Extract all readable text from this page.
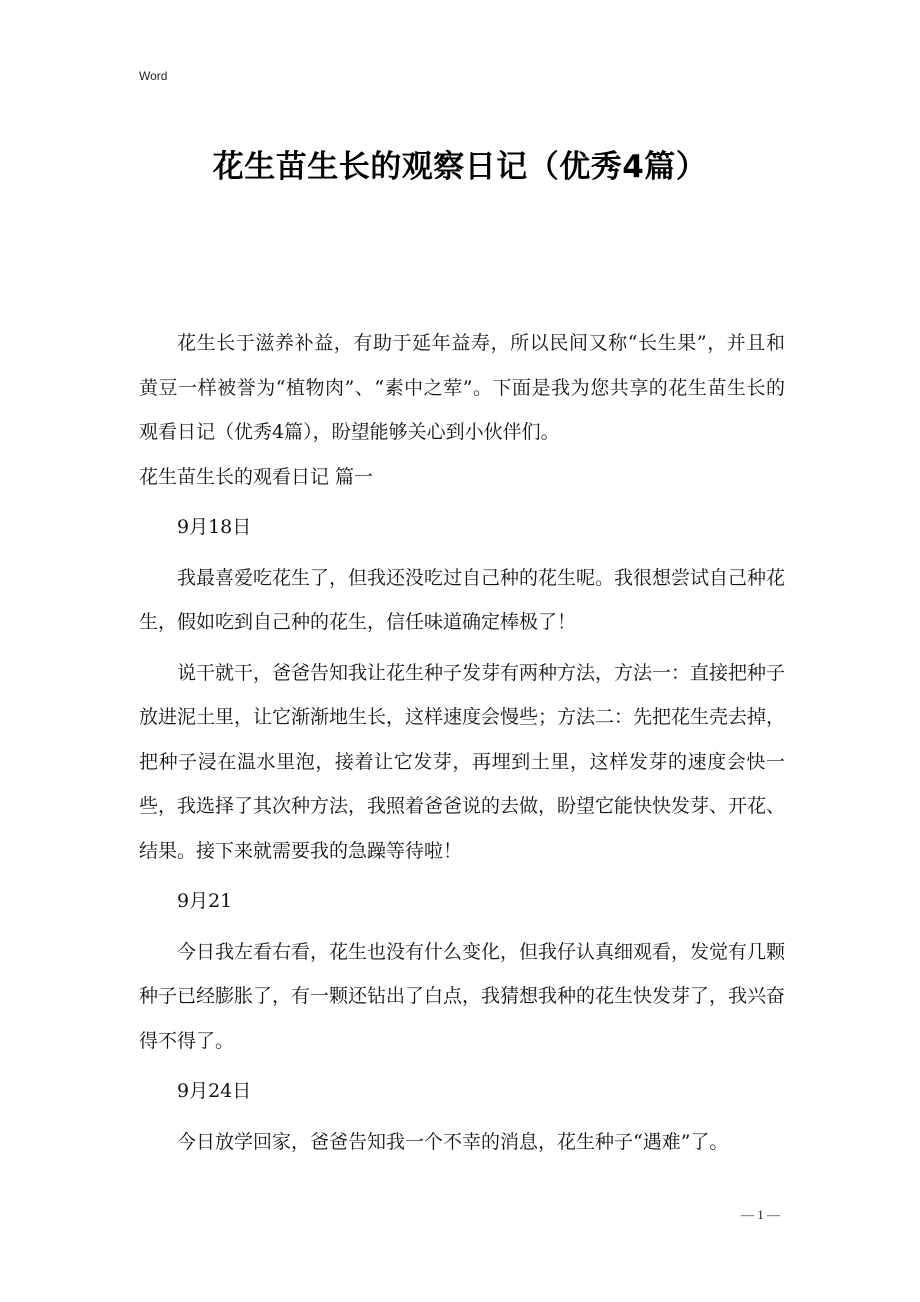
Word
花生苗生长的观察日记（优秀4篇）

花生长于滋养补益，有助于延年益寿，所以民间又称“长生果”，并且和黄豆一样被誉为“植物肉”、“素中之荤”。下面是我为您共享的花生苗生长的观看日记（优秀4篇），盼望能够关心到小伙伴们。

花生苗生长的观看日记 篇一

9月18日

我最喜爱吃花生了，但我还没吃过自己种的花生呢。我很想尝试自己种花生，假如吃到自己种的花生，信任味道确定棒极了！

说干就干，爸爸告知我让花生种子发芽有两种方法，方法一：直接把种子放进泥土里，让它渐渐地生长，这样速度会慢些；方法二：先把花生壳去掉，把种子浸在温水里泡，接着让它发芽，再埋到土里，这样发芽的速度会快一些，我选择了其次种方法，我照着爸爸说的去做，盼望它能快快发芽、开花、结果。接下来就需要我的急躁等待啦！

9月21

今日我左看右看，花生也没有什么变化，但我仔认真细观看，发觉有几颗种子已经膨胀了，有一颗还钻出了白点，我猜想我种的花生快发芽了，我兴奋得不得了。

9月24日

今日放学回家，爸爸告知我一个不幸的消息，花生种子“遇难”了。

— 1 —
